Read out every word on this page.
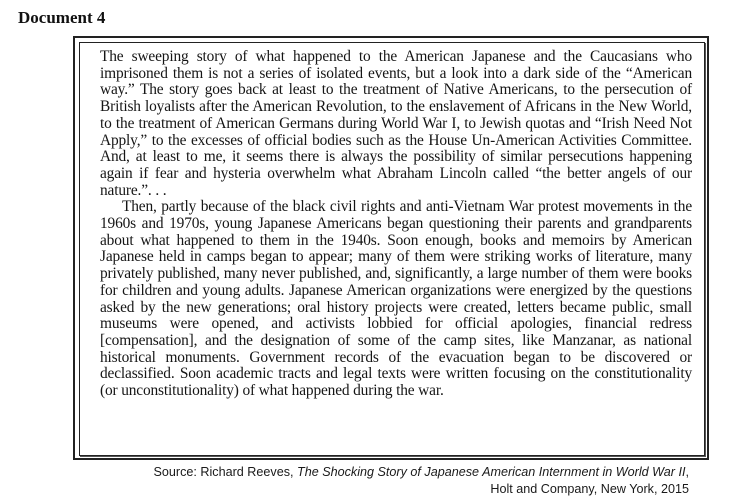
Document 4

The sweeping story of what happened to the American Japanese and the Caucasians who imprisoned them is not a series of isolated events, but a look into a dark side of the “American way.” The story goes back at least to the treatment of Native Americans, to the persecution of British loyalists after the American Revolution, to the enslavement of Africans in the New World, to the treatment of American Germans during World War I, to Jewish quotas and “Irish Need Not Apply,” to the excesses of official bodies such as the House Un-American Activities Committee. And, at least to me, it seems there is always the possibility of similar persecutions happening again if fear and hysteria overwhelm what Abraham Lincoln called “the better angels of our nature.”. . .

Then, partly because of the black civil rights and anti-Vietnam War protest movements in the 1960s and 1970s, young Japanese Americans began questioning their parents and grandparents about what happened to them in the 1940s. Soon enough, books and memoirs by American Japanese held in camps began to appear; many of them were striking works of literature, many privately published, many never published, and, significantly, a large number of them were books for children and young adults. Japanese American organizations were energized by the questions asked by the new generations; oral history projects were created, letters became public, small museums were opened, and activists lobbied for official apologies, financial redress [compensation], and the designation of some of the camp sites, like Manzanar, as national historical monuments. Government records of the evacuation began to be discovered or declassified. Soon academic tracts and legal texts were written focusing on the constitutionality (or unconstitutionality) of what happened during the war.

Source: Richard Reeves, The Shocking Story of Japanese American Internment in World War II,
Holt and Company, New York, 2015
